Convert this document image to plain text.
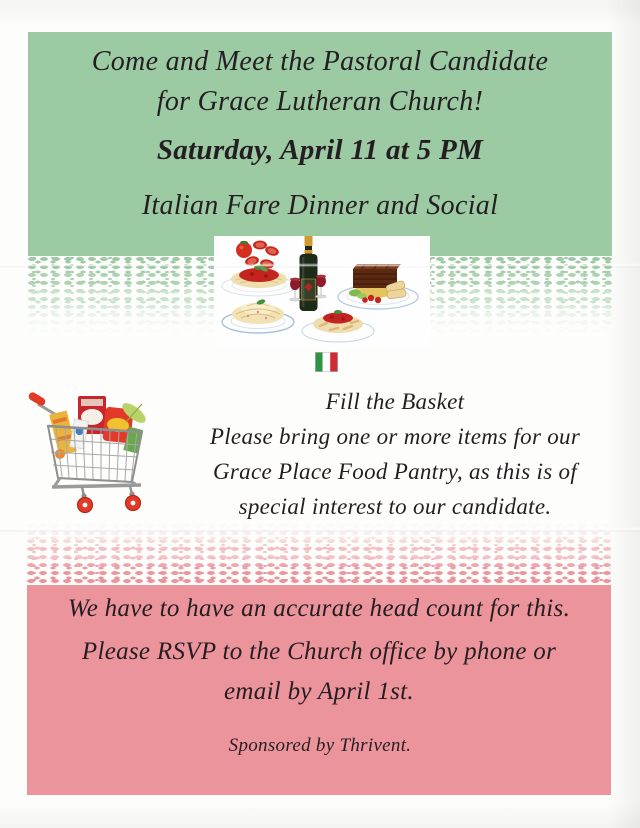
Come and Meet the Pastoral Candidate
for Grace Lutheran Church!
Saturday, April 11 at 5 PM
Italian Fare Dinner and Social
Fill the Basket
Please bring one or more items for our
Grace Place Food Pantry, as this is of
special interest to our candidate.
We have to have an accurate head count for this.
Please RSVP to the Church office by phone or
email by April 1st.
Sponsored by Thrivent.
